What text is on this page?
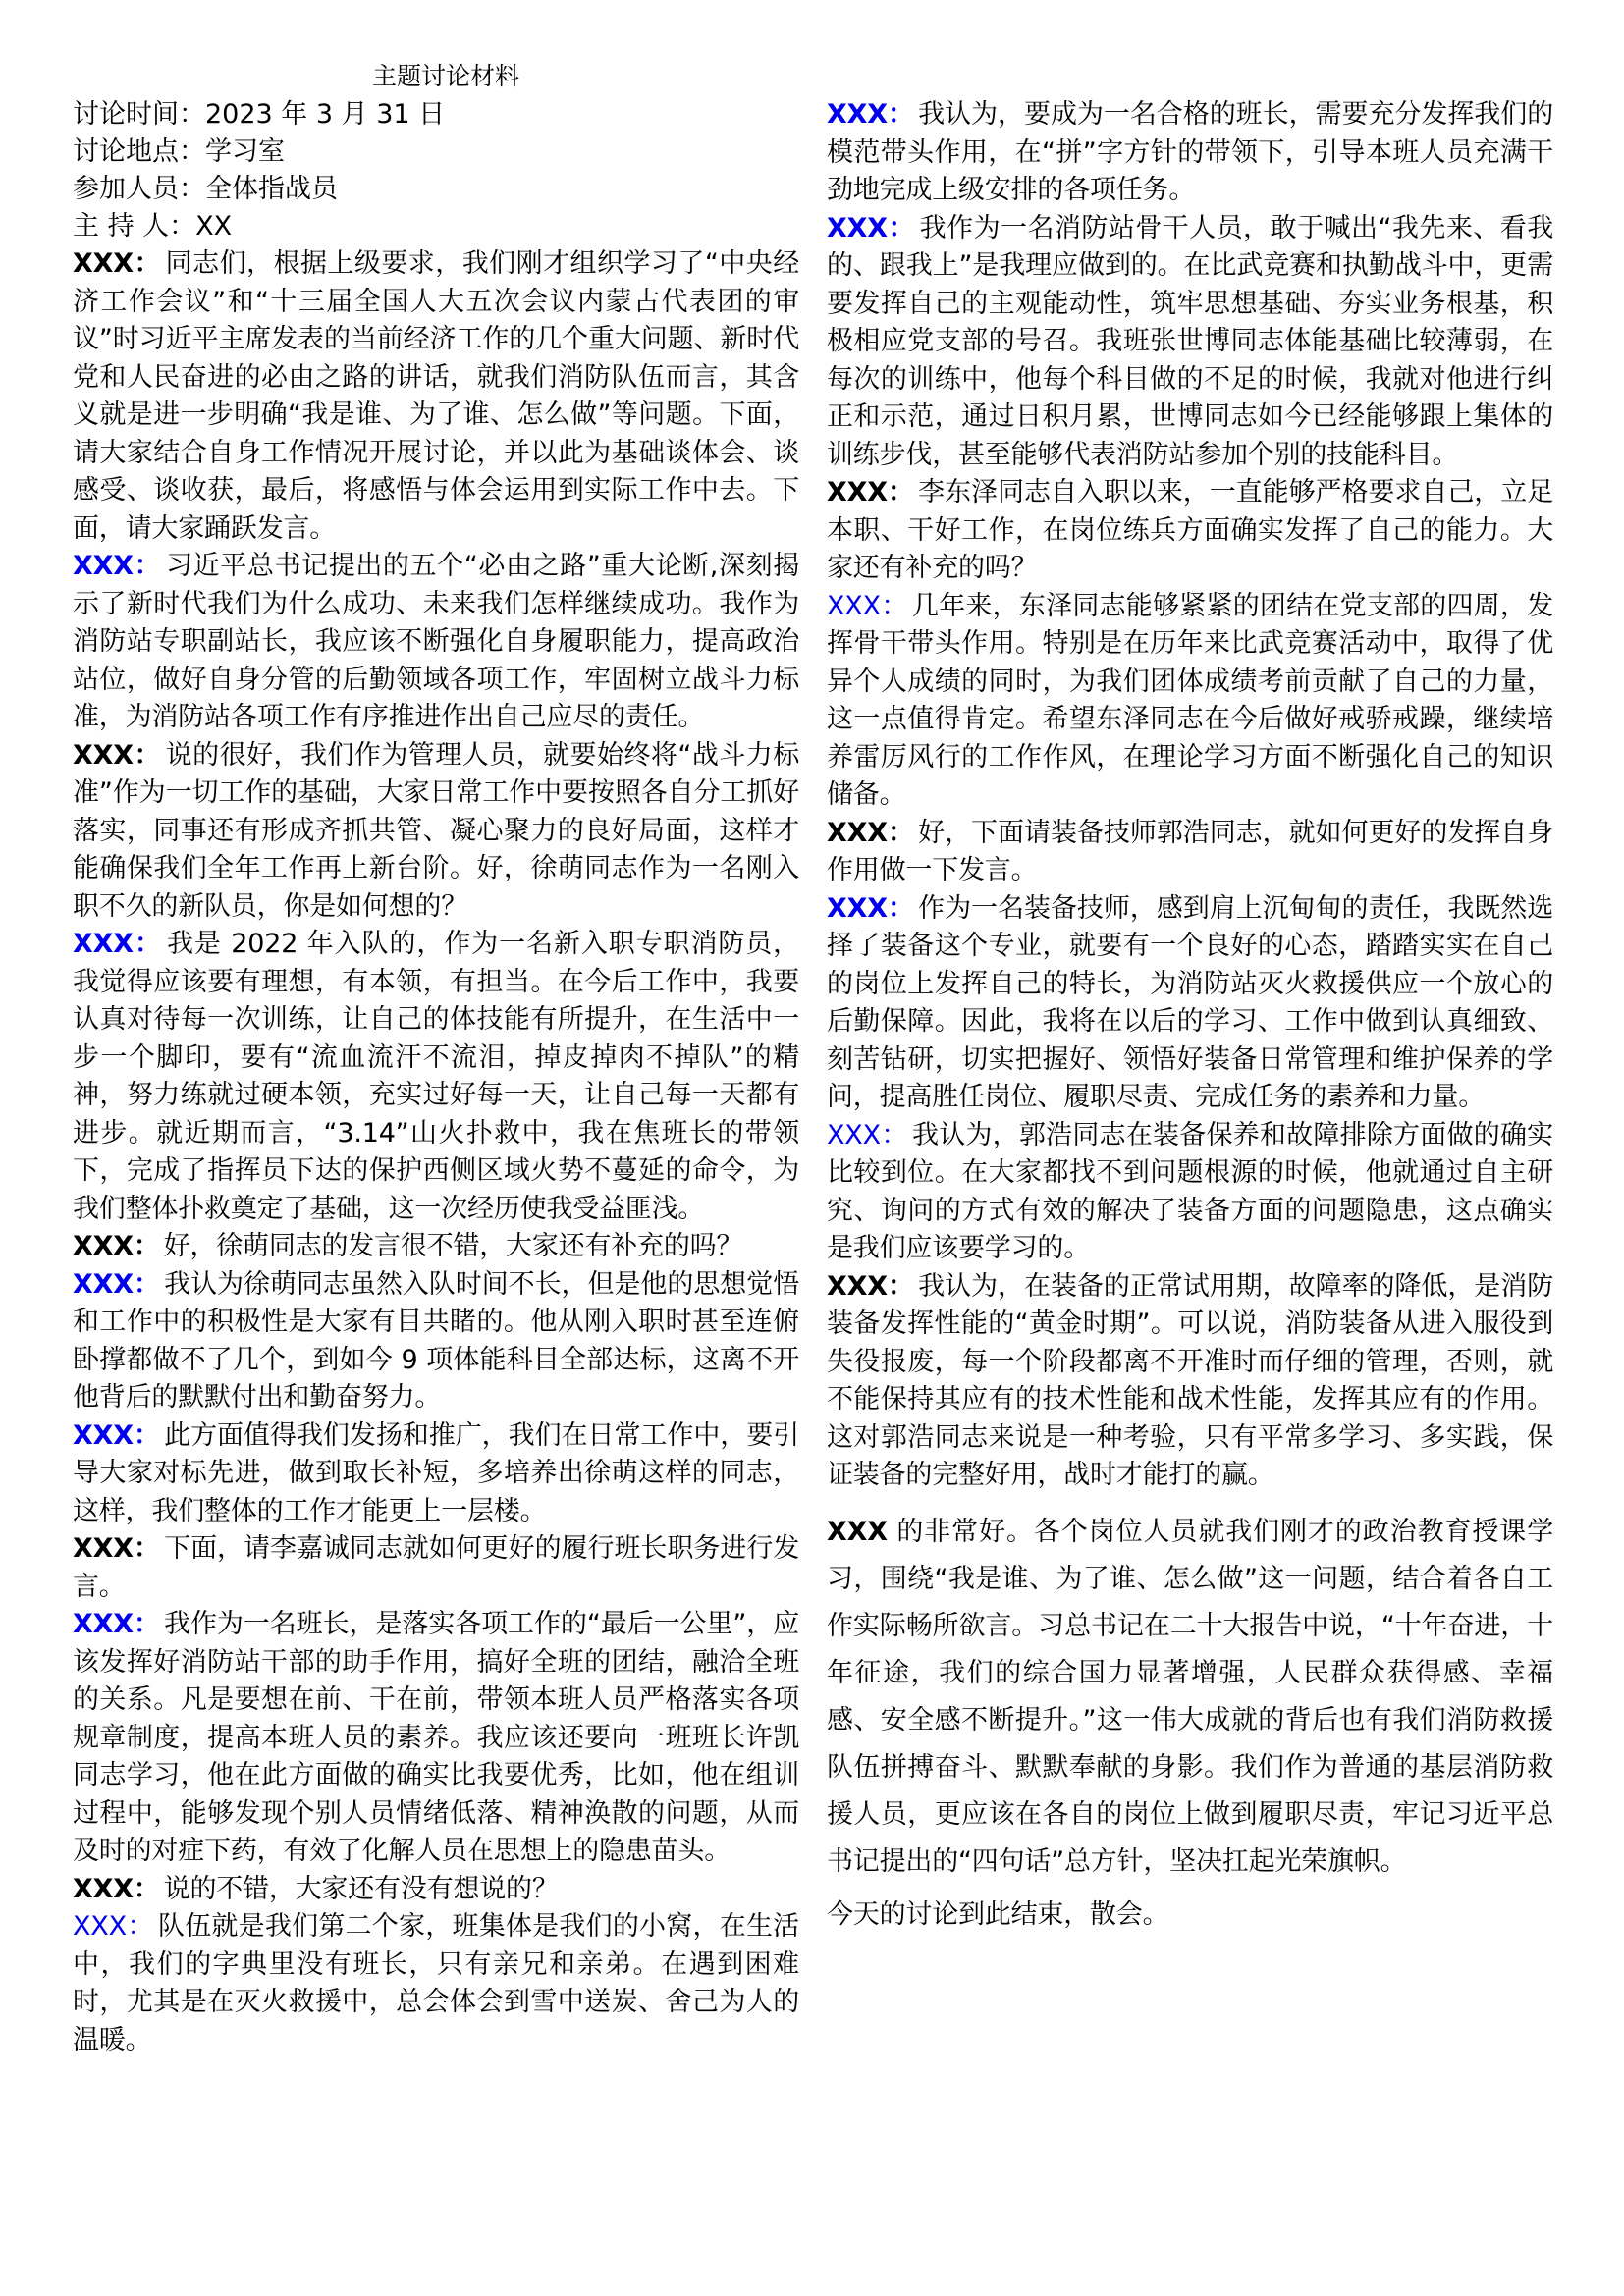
主题讨论材料
讨论时间：2023 年 3 月 31 日
讨论地点：学习室
参加人员：全体指战员
主 持 人：XX

XXX： 同志们，根据上级要求，我们刚才组织学习了“中央经济工作会议”和“十三届全国人大五次会议内蒙古代表团的审议”时习近平主席发表的当前经济工作的几个重大问题、新时代党和人民奋进的必由之路的讲话，就我们消防队伍而言，其含义就是进一步明确“我是谁、为了谁、怎么做”等问题。下面，请大家结合自身工作情况开展讨论，并以此为基础谈体会、谈感受、谈收获，最后，将感悟与体会运用到实际工作中去。下面，请大家踊跃发言。

XXX： 习近平总书记提出的五个“必由之路”重大论断,深刻揭示了新时代我们为什么成功、未来我们怎样继续成功。我作为消防站专职副站长，我应该不断强化自身履职能力，提高政治站位，做好自身分管的后勤领域各项工作，牢固树立战斗力标准，为消防站各项工作有序推进作出自己应尽的责任。

XXX： 说的很好，我们作为管理人员，就要始终将“战斗力标准”作为一切工作的基础，大家日常工作中要按照各自分工抓好落实，同事还有形成齐抓共管、凝心聚力的良好局面，这样才能确保我们全年工作再上新台阶。好，徐萌同志作为一名刚入职不久的新队员，你是如何想的？

XXX： 我是 2022 年入队的，作为一名新入职专职消防员，我觉得应该要有理想，有本领，有担当。在今后工作中，我要认真对待每一次训练，让自己的体技能有所提升，在生活中一步一个脚印，要有“流血流汗不流泪，掉皮掉肉不掉队”的精神，努力练就过硬本领，充实过好每一天，让自己每一天都有进步。就近期而言，“3.14”山火扑救中，我在焦班长的带领下，完成了指挥员下达的保护西侧区域火势不蔓延的命令，为我们整体扑救奠定了基础，这一次经历使我受益匪浅。

XXX： 好，徐萌同志的发言很不错，大家还有补充的吗？

XXX： 我认为徐萌同志虽然入队时间不长，但是他的思想觉悟和工作中的积极性是大家有目共睹的。他从刚入职时甚至连俯卧撑都做不了几个，到如今 9 项体能科目全部达标，这离不开他背后的默默付出和勤奋努力。

XXX： 此方面值得我们发扬和推广，我们在日常工作中，要引导大家对标先进，做到取长补短，多培养出徐萌这样的同志，这样，我们整体的工作才能更上一层楼。

XXX： 下面，请李嘉诚同志就如何更好的履行班长职务进行发言。

XXX： 我作为一名班长，是落实各项工作的“最后一公里”，应该发挥好消防站干部的助手作用，搞好全班的团结，融洽全班的关系。凡是要想在前、干在前，带领本班人员严格落实各项规章制度，提高本班人员的素养。我应该还要向一班班长许凯同志学习，他在此方面做的确实比我要优秀，比如，他在组训过程中，能够发现个别人员情绪低落、精神涣散的问题，从而及时的对症下药，有效了化解人员在思想上的隐患苗头。

XXX： 说的不错，大家还有没有想说的？

XXX： 队伍就是我们第二个家，班集体是我们的小窝，在生活中，我们的字典里没有班长，只有亲兄和亲弟。在遇到困难时，尤其是在灭火救援中，总会体会到雪中送炭、舍己为人的温暖。

XXX： 我认为，要成为一名合格的班长，需要充分发挥我们的模范带头作用，在“拼”字方针的带领下，引导本班人员充满干劲地完成上级安排的各项任务。

XXX： 我作为一名消防站骨干人员，敢于喊出“我先来、看我的、跟我上”是我理应做到的。在比武竞赛和执勤战斗中，更需要发挥自己的主观能动性，筑牢思想基础、夯实业务根基，积极相应党支部的号召。我班张世博同志体能基础比较薄弱，在每次的训练中，他每个科目做的不足的时候，我就对他进行纠正和示范，通过日积月累，世博同志如今已经能够跟上集体的训练步伐，甚至能够代表消防站参加个别的技能科目。

XXX： 李东泽同志自入职以来，一直能够严格要求自己，立足本职、干好工作，在岗位练兵方面确实发挥了自己的能力。大家还有补充的吗？

XXX： 几年来，东泽同志能够紧紧的团结在党支部的四周，发挥骨干带头作用。特别是在历年来比武竞赛活动中，取得了优异个人成绩的同时，为我们团体成绩考前贡献了自己的力量，这一点值得肯定。希望东泽同志在今后做好戒骄戒躁，继续培养雷厉风行的工作作风，在理论学习方面不断强化自己的知识储备。

XXX： 好，下面请装备技师郭浩同志，就如何更好的发挥自身作用做一下发言。

XXX： 作为一名装备技师，感到肩上沉甸甸的责任，我既然选择了装备这个专业，就要有一个良好的心态，踏踏实实在自己的岗位上发挥自己的特长，为消防站灭火救援供应一个放心的后勤保障。因此，我将在以后的学习、工作中做到认真细致、刻苦钻研，切实把握好、领悟好装备日常管理和维护保养的学问，提高胜任岗位、履职尽责、完成任务的素养和力量。

XXX： 我认为，郭浩同志在装备保养和故障排除方面做的确实比较到位。在大家都找不到问题根源的时候，他就通过自主研究、询问的方式有效的解决了装备方面的问题隐患，这点确实是我们应该要学习的。

XXX： 我认为，在装备的正常试用期，故障率的降低，是消防装备发挥性能的“黄金时期”。可以说，消防装备从进入服役到失役报废，每一个阶段都离不开准时而仔细的管理，否则，就不能保持其应有的技术性能和战术性能，发挥其应有的作用。这对郭浩同志来说是一种考验，只有平常多学习、多实践，保证装备的完整好用，战时才能打的赢。

XXX 的非常好。各个岗位人员就我们刚才的政治教育授课学习，围绕“我是谁、为了谁、怎么做”这一问题，结合着各自工作实际畅所欲言。习总书记在二十大报告中说，“十年奋进，十年征途，我们的综合国力显著增强，人民群众获得感、幸福感、安全感不断提升。”这一伟大成就的背后也有我们消防救援队伍拼搏奋斗、默默奉献的身影。我们作为普通的基层消防救援人员，更应该在各自的岗位上做到履职尽责，牢记习近平总书记提出的“四句话”总方针，坚决扛起光荣旗帜。

今天的讨论到此结束，散会。
